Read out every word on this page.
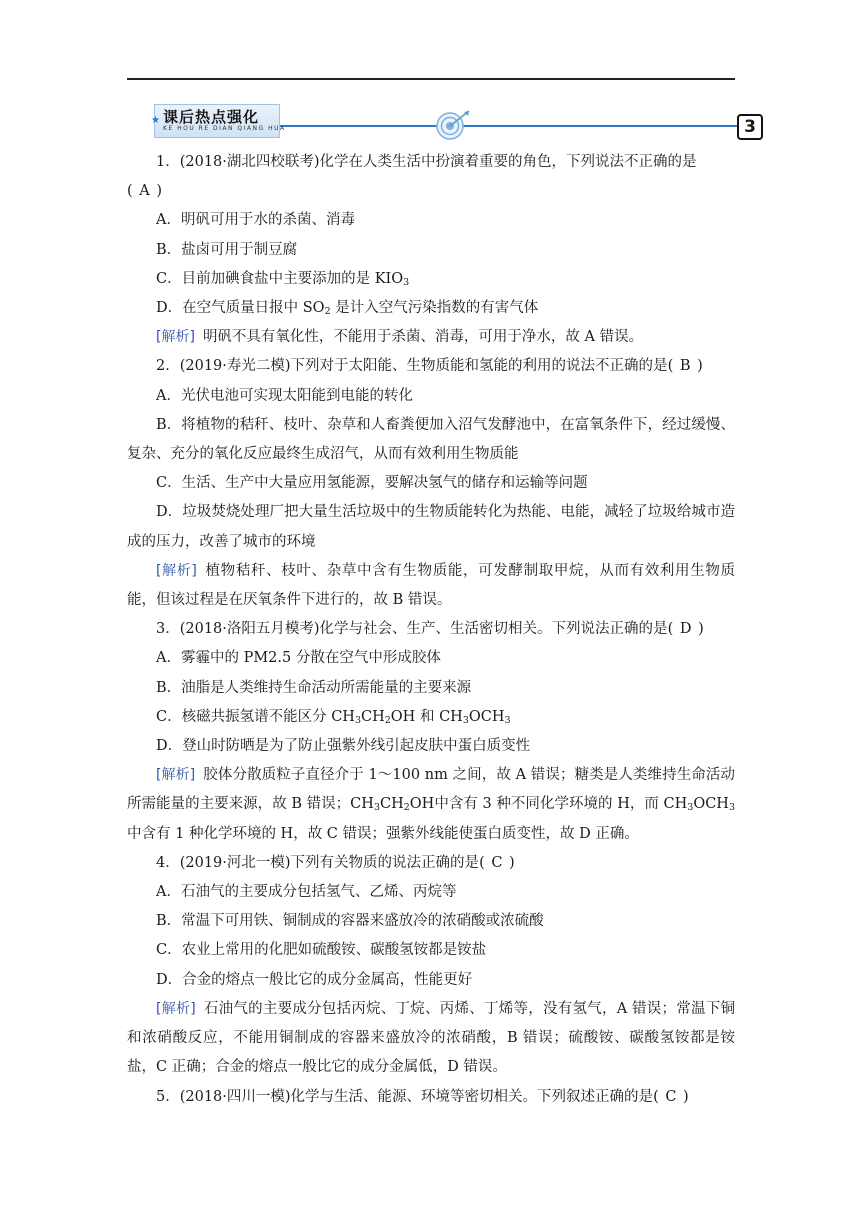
★ 课后热点强化
KE HOU RE DIAN QIANG HUA	3

1．(2018·湖北四校联考)化学在人类生活中扮演着重要的角色，下列说法不正确的是
( A )

A．明矾可用于水的杀菌、消毒

B．盐卤可用于制豆腐

C．目前加碘食盐中主要添加的是 $KIO_3$

D．在空气质量日报中 $SO_2$ 是计入空气污染指数的有害气体

[解析] 明矾不具有氧化性，不能用于杀菌、消毒，可用于净水，故 A 错误。

2．(2019·寿光二模)下列对于太阳能、生物质能和氢能的利用的说法不正确的是( B )

A．光伏电池可实现太阳能到电能的转化

B．将植物的秸秆、枝叶、杂草和人畜粪便加入沼气发酵池中，在富氧条件下，经过缓慢、复杂、充分的氧化反应最终生成沼气，从而有效利用生物质能

C．生活、生产中大量应用氢能源，要解决氢气的储存和运输等问题

D．垃圾焚烧处理厂把大量生活垃圾中的生物质能转化为热能、电能，减轻了垃圾给城市造成的压力，改善了城市的环境

[解析] 植物秸秆、枝叶、杂草中含有生物质能，可发酵制取甲烷，从而有效利用生物质能，但该过程是在厌氧条件下进行的，故 B 错误。

3．(2018·洛阳五月模考)化学与社会、生产、生活密切相关。下列说法正确的是( D )

A．雾霾中的 PM2.5 分散在空气中形成胶体

B．油脂是人类维持生命活动所需能量的主要来源

C．核磁共振氢谱不能区分 $CH_3CH_2OH$ 和 $CH_3OCH_3$

D．登山时防晒是为了防止强紫外线引起皮肤中蛋白质变性

[解析] 胶体分散质粒子直径介于 1～100 nm 之间，故 A 错误；糖类是人类维持生命活动所需能量的主要来源，故 B 错误；$CH_3CH_2OH$中含有 3 种不同化学环境的 H，而 $CH_3OCH_3$中含有 1 种化学环境的 H，故 C 错误；强紫外线能使蛋白质变性，故 D 正确。

4．(2019·河北一模)下列有关物质的说法正确的是( C )

A．石油气的主要成分包括氢气、乙烯、丙烷等

B．常温下可用铁、铜制成的容器来盛放冷的浓硝酸或浓硫酸

C．农业上常用的化肥如硫酸铵、碳酸氢铵都是铵盐

D．合金的熔点一般比它的成分金属高，性能更好

[解析] 石油气的主要成分包括丙烷、丁烷、丙烯、丁烯等，没有氢气，A 错误；常温下铜和浓硝酸反应，不能用铜制成的容器来盛放冷的浓硝酸，B 错误；硫酸铵、碳酸氢铵都是铵盐，C 正确；合金的熔点一般比它的成分金属低，D 错误。

5．(2018·四川一模)化学与生活、能源、环境等密切相关。下列叙述正确的是( C )
